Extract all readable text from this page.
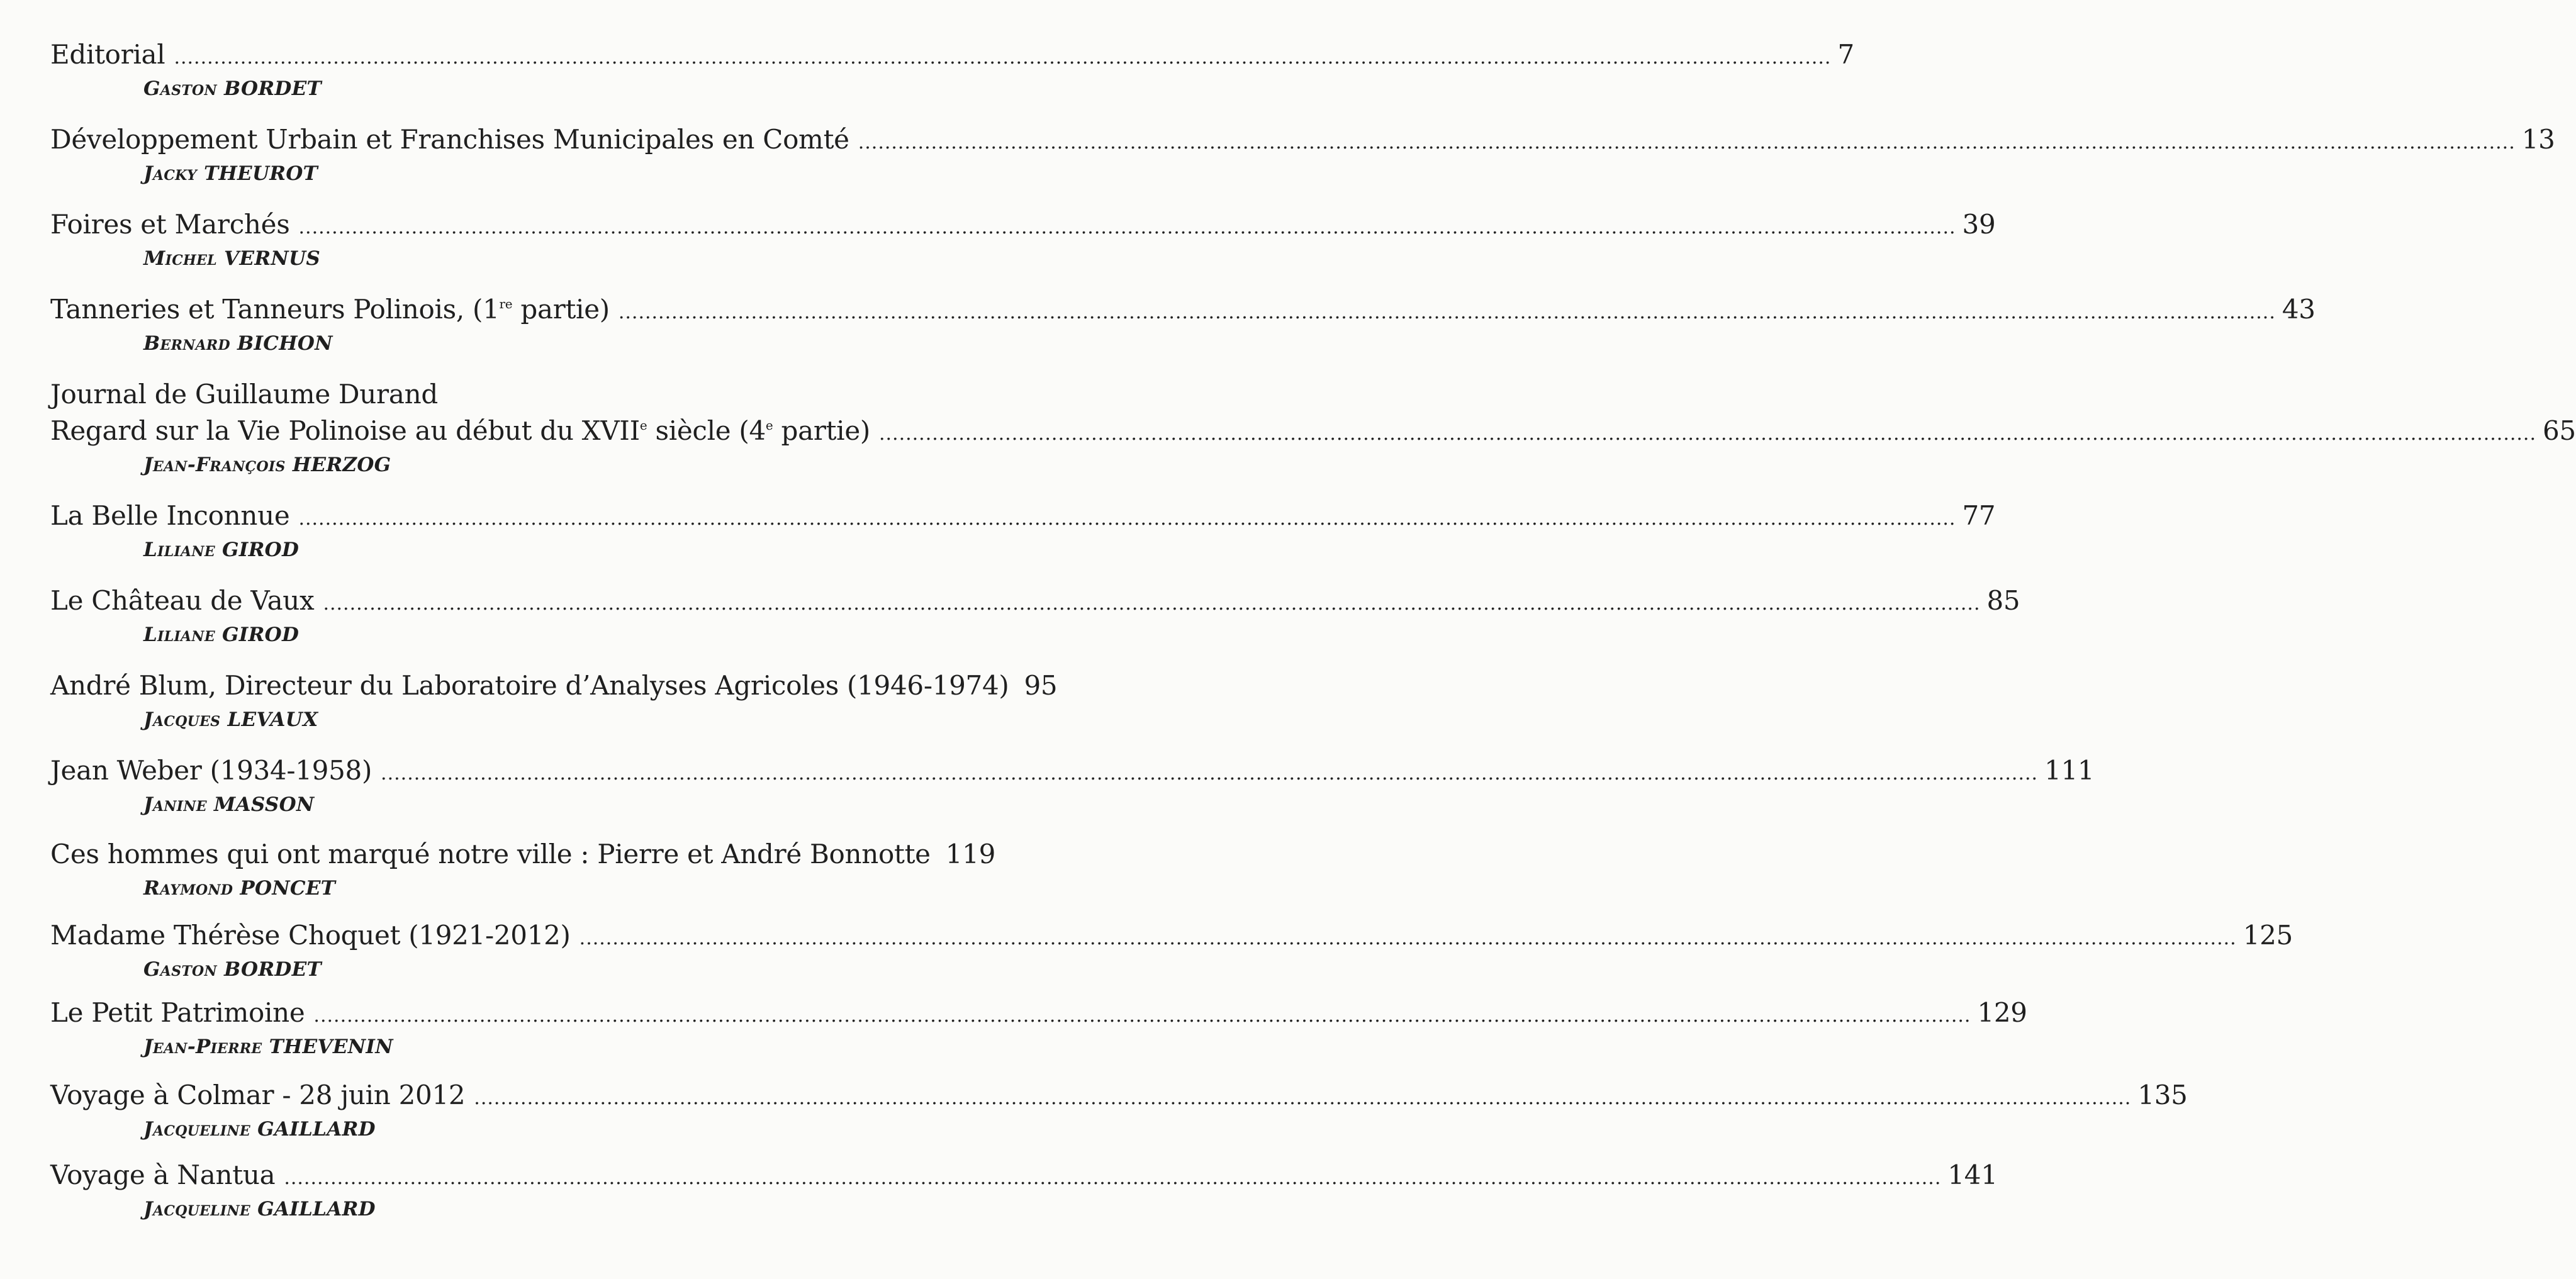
Editorial .....	7
Gaston BORDET
Développement Urbain et Franchises Municipales en Comté .....	13
Jacky THEUROT
Foires et Marchés .....	39
Michel VERNUS
Tanneries et Tanneurs Polinois, (1re partie) .....	43
Bernard BICHON
Journal de Guillaume Durand
Regard sur la Vie Polinoise au début du XVIIe siècle (4e partie) .....	65
Jean-François HERZOG
La Belle Inconnue .....	77
Liliane GIROD
Le Château de Vaux .....	85
Liliane GIROD
André Blum, Directeur du Laboratoire d’Analyses Agricoles (1946-1974) 95
Jacques LEVAUX
Jean Weber (1934-1958) .....	111
Janine MASSON
Ces hommes qui ont marqué notre ville : Pierre et André Bonnotte 119
Raymond PONCET
Madame Thérèse Choquet (1921-2012) .....	125
Gaston BORDET
Le Petit Patrimoine .....	129
Jean-Pierre THEVENIN
Voyage à Colmar - 28 juin 2012 .....	135
Jacqueline GAILLARD
Voyage à Nantua .....	141
Jacqueline GAILLARD
